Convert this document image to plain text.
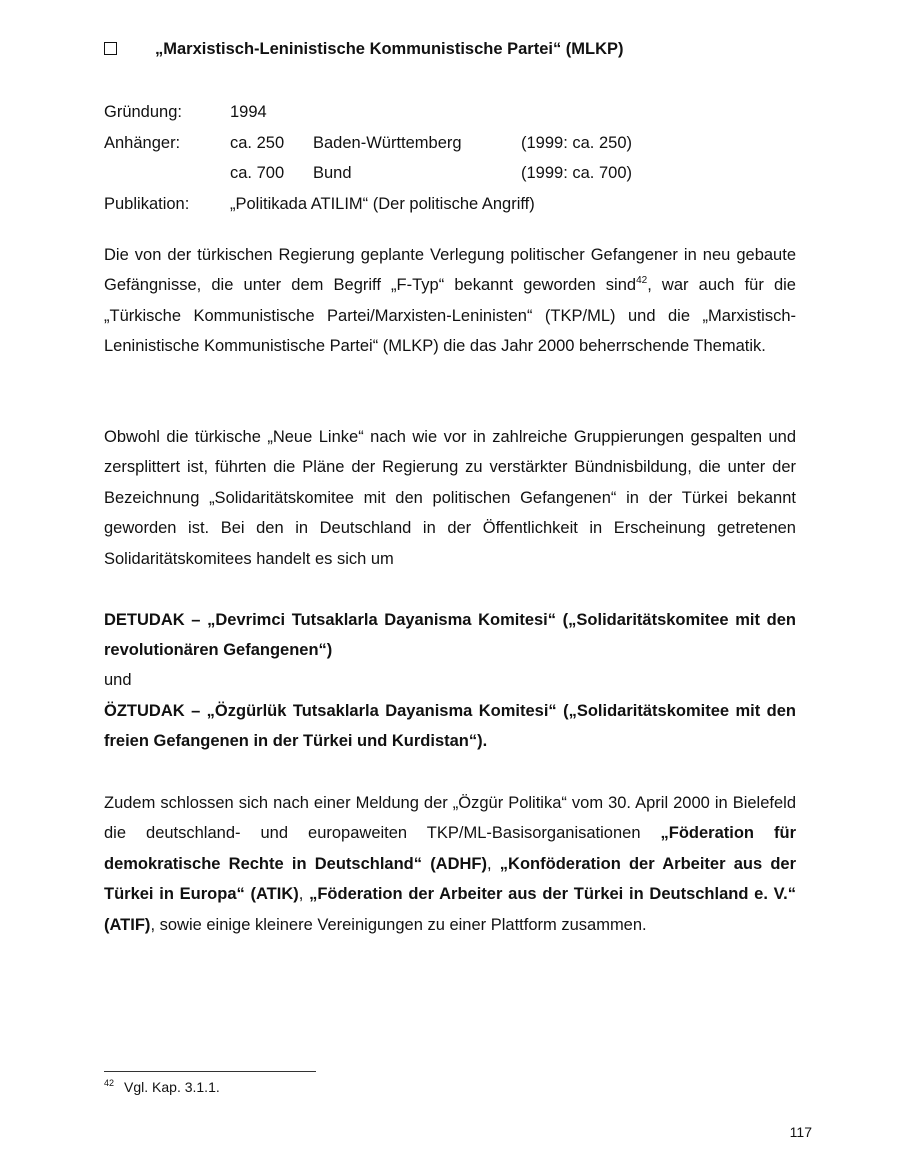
„Marxistisch-Leninistische Kommunistische Partei“ (MLKP)
Gründung:	1994
Anhänger:	ca. 250 Baden-Württemberg	(1999: ca. 250)
ca. 700 Bund	(1999: ca. 700)
Publikation: „Politikada ATILIM“ (Der politische Angriff)

Die von der türkischen Regierung geplante Verlegung politischer Gefangener in neu gebaute Gefängnisse, die unter dem Begriff „F-Typ“ bekannt geworden sind$^{42}$, war auch für die „Türkische Kommunistische Partei/Marxisten-Leninisten“ (TKP/ML) und die „Marxistisch-Leninistische Kommunistische Partei“ (MLKP) die das Jahr 2000 beherrschende Thematik.

Obwohl die türkische „Neue Linke“ nach wie vor in zahlreiche Gruppierungen gespalten und zersplittert ist, führten die Pläne der Regierung zu verstärkter Bündnisbildung, die unter der Bezeichnung „Solidaritätskomitee mit den politischen Gefangenen“ in der Türkei bekannt geworden ist. Bei den in Deutschland in der Öffentlichkeit in Erscheinung getretenen Solidaritätskomitees handelt es sich um

DETUDAK – „Devrimci Tutsaklarla Dayanisma Komitesi“ („Solidaritätskomitee mit den revolutionären Gefangenen“)

und

ÖZTUDAK – „Özgürlük Tutsaklarla Dayanisma Komitesi“ („Solidaritätskomitee mit den freien Gefangenen in der Türkei und Kurdistan“).

Zudem schlossen sich nach einer Meldung der „Özgür Politika“ vom 30. April 2000 in Bielefeld die deutschland- und europaweiten TKP/ML-Basisorganisationen „Föderation für demokratische Rechte in Deutschland“ (ADHF), „Konföderation der Arbeiter aus der Türkei in Europa“ (ATIK), „Föderation der Arbeiter aus der Türkei in Deutschland e. V.“ (ATIF), sowie einige kleinere Vereinigungen zu einer Plattform zusammen.

$^{42}$ Vgl. Kap. 3.1.1.
117
